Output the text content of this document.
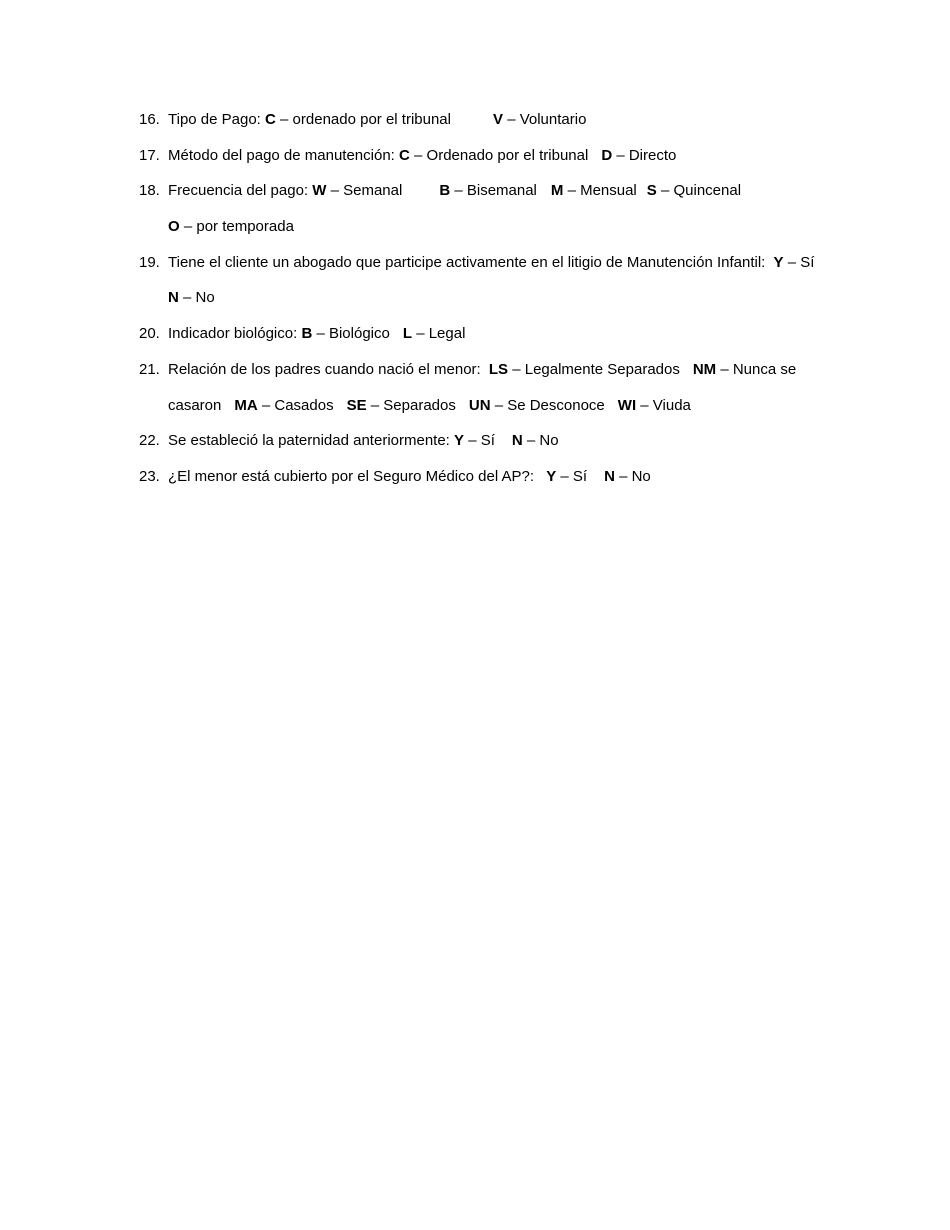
16. Tipo de Pago: C – ordenado por el tribunal	V – Voluntario
17. Método del pago de manutención: C – Ordenado por el tribunal D – Directo
18. Frecuencia del pago: W – Semanal B – Bisemanal M – Mensual S – Quincenal
O – por temporada
19. Tiene el cliente un abogado que participe activamente en el litigio de Manutención Infantil: Y – Sí
N – No
20. Indicador biológico: B – Biológico L – Legal
21. Relación de los padres cuando nació el menor: LS – Legalmente Separados NM – Nunca se
casaron MA – Casados SE – Separados UN – Se Desconoce WI – Viuda
22. Se estableció la paternidad anteriormente: Y – Sí N – No
23. ¿El menor está cubierto por el Seguro Médico del AP?: Y – Sí N – No
